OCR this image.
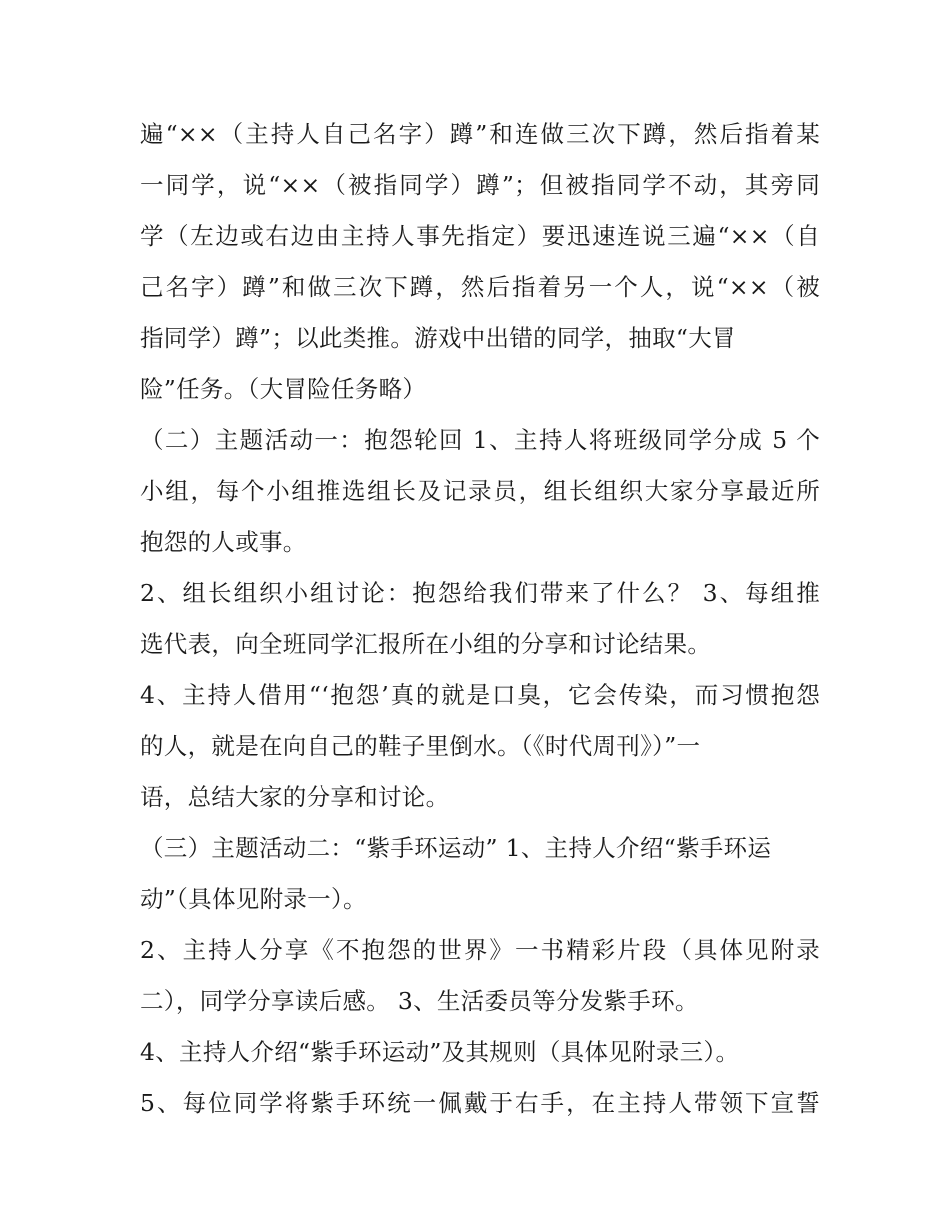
遍“××（主持人自己名字）蹲”和连做三次下蹲，然后指着某
一同学，说“××（被指同学）蹲”；但被指同学不动，其旁同
学（左边或右边由主持人事先指定）要迅速连说三遍“××（自
己名字）蹲”和做三次下蹲，然后指着另一个人，说“××（被
指同学）蹲”；以此类推。游戏中出错的同学，抽取“大冒
险”任务。（大冒险任务略）
（二）主题活动一：抱怨轮回 1、主持人将班级同学分成 5 个
小组，每个小组推选组长及记录员，组长组织大家分享最近所
抱怨的人或事。
2、组长组织小组讨论：抱怨给我们带来了什么？ 3、每组推
选代表，向全班同学汇报所在小组的分享和讨论结果。
4、主持人借用“‘抱怨’真的就是口臭，它会传染，而习惯抱怨
的人，就是在向自己的鞋子里倒水。（《时代周刊》）”一
语，总结大家的分享和讨论。
（三）主题活动二：“紫手环运动” 1、主持人介绍“紫手环运
动”（具体见附录一）。
2、主持人分享《不抱怨的世界》一书精彩片段（具体见附录
二），同学分享读后感。 3、生活委员等分发紫手环。
4、主持人介绍“紫手环运动”及其规则（具体见附录三）。
5、每位同学将紫手环统一佩戴于右手，在主持人带领下宣誓
